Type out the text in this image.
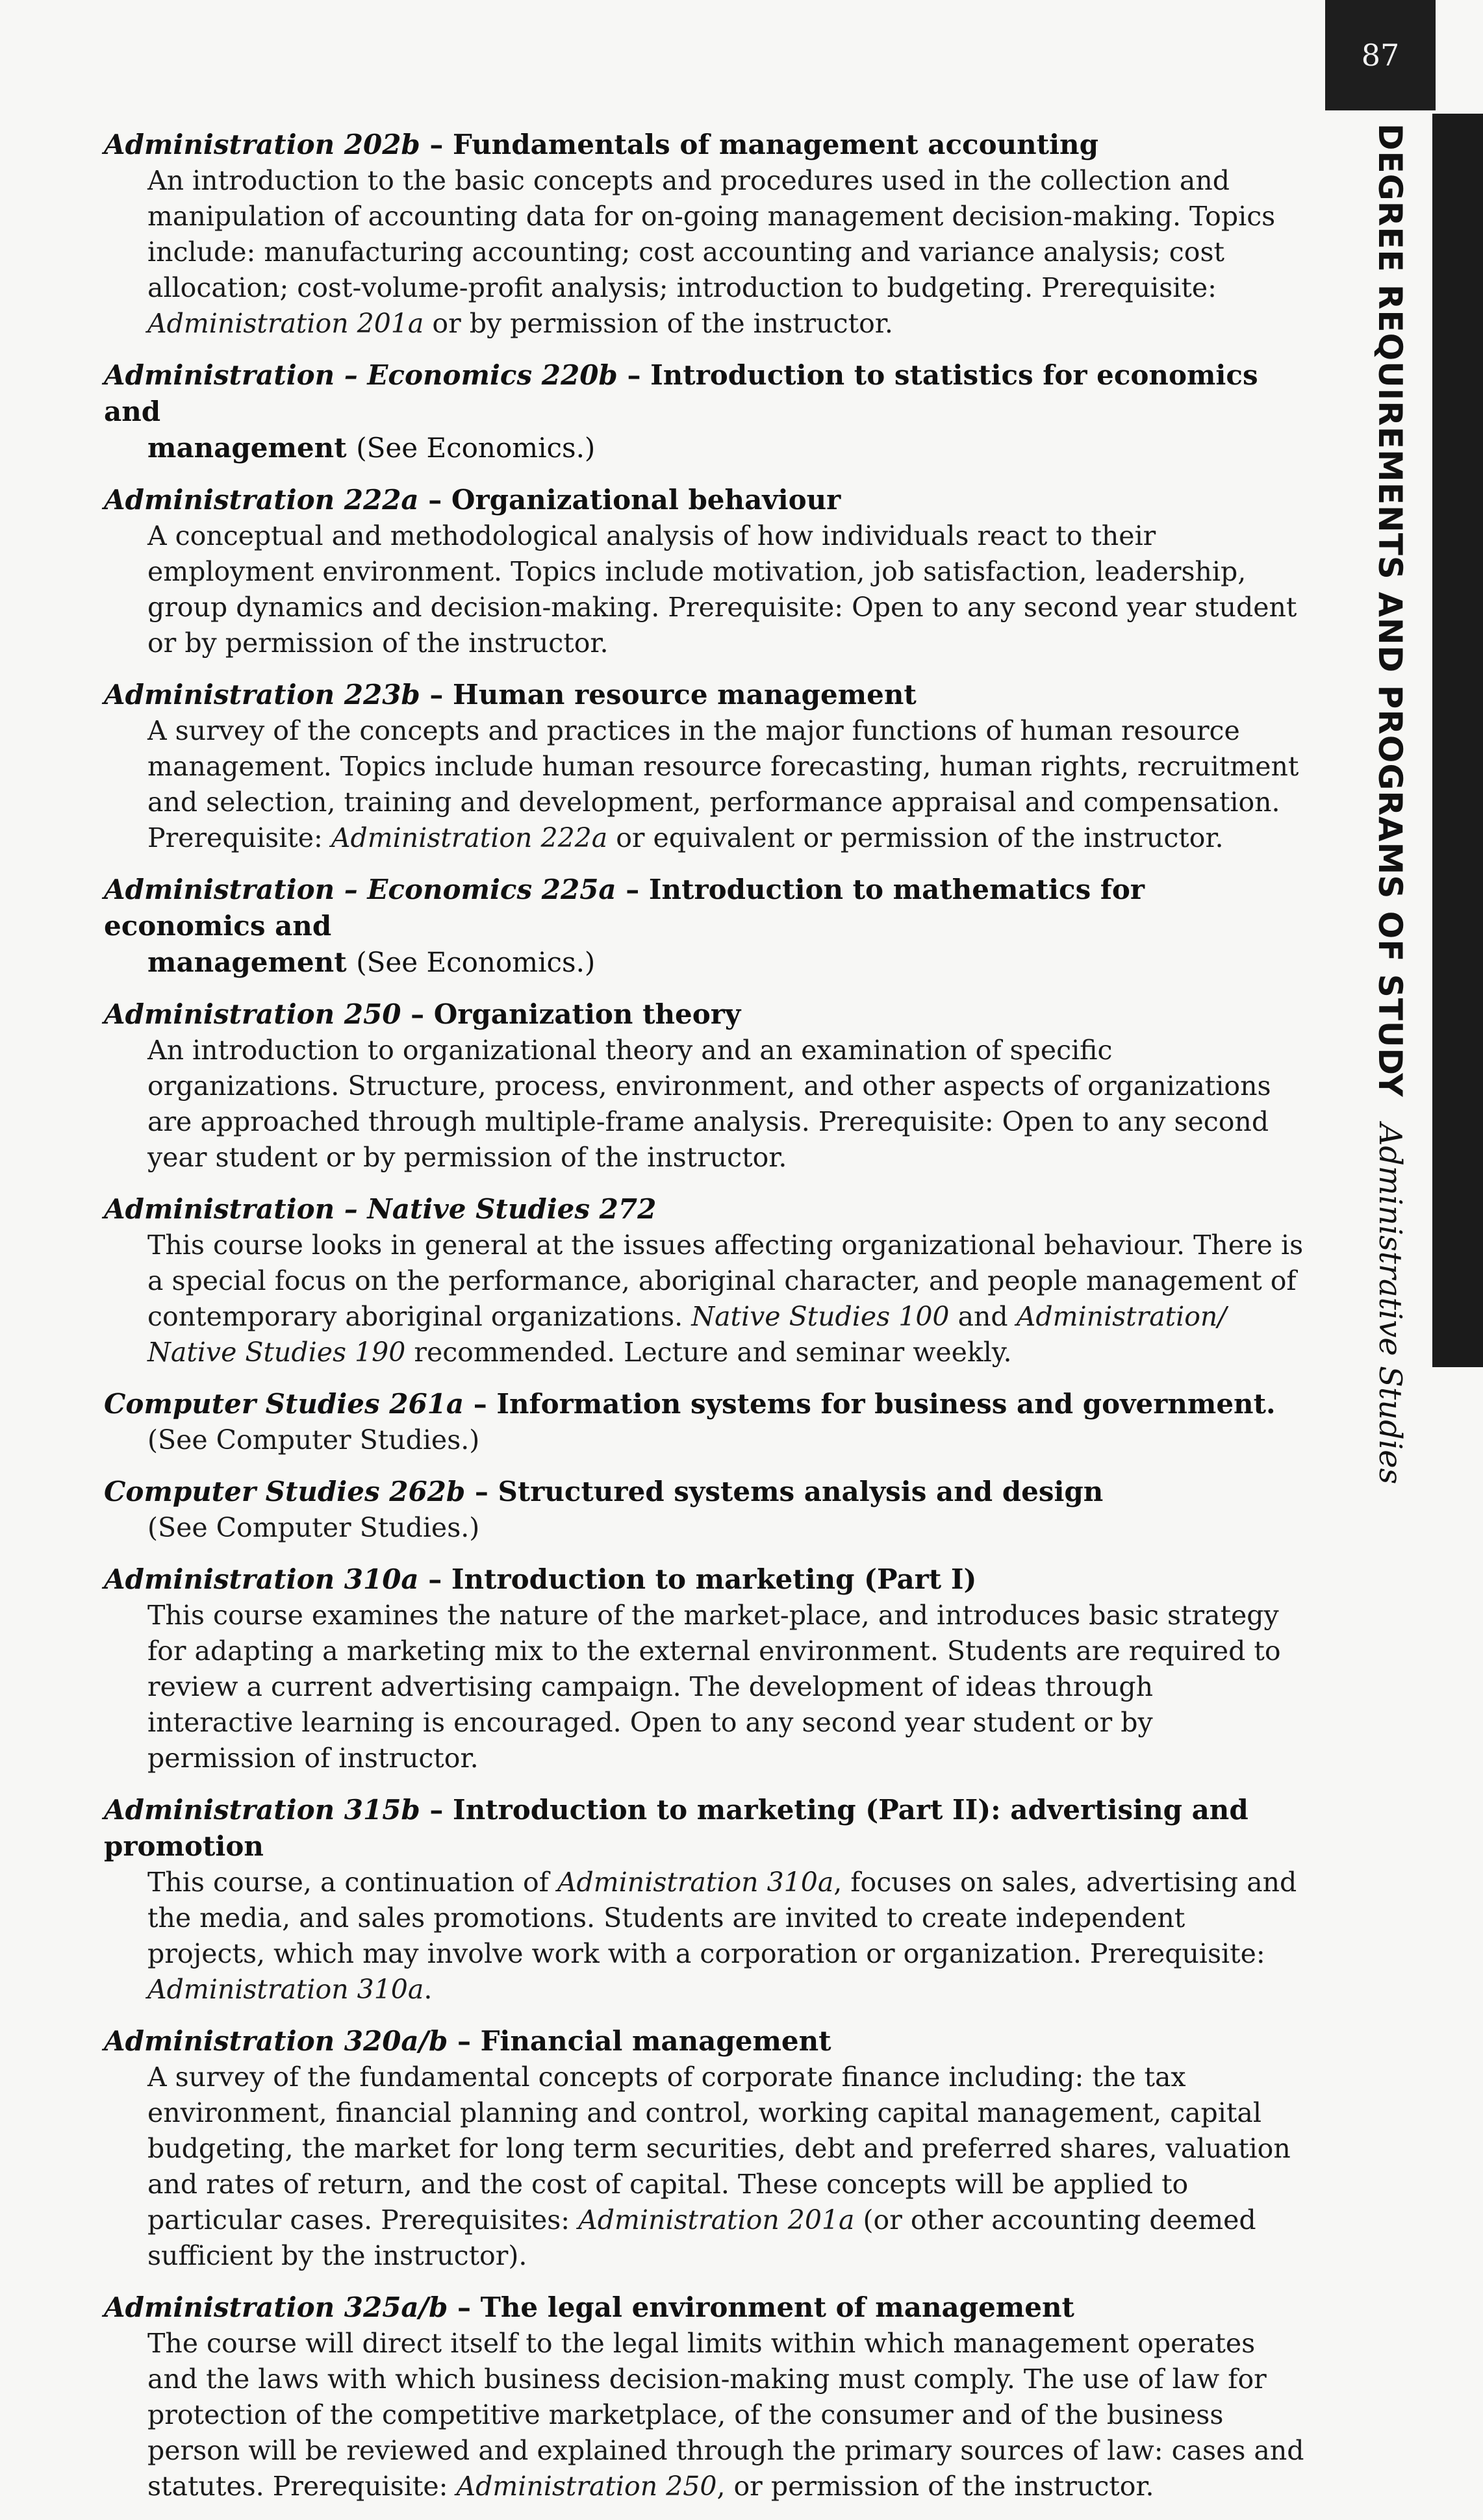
87
DEGREE REQUIREMENTS AND PROGRAMS OF STUDY
Administrative Studies
Administration 202b – Fundamentals of management accounting
An introduction to the basic concepts and procedures used in the collection and manipulation of accounting data for on-going management decision-making. Topics include: manufacturing accounting; cost accounting and variance analysis; cost allocation; cost-volume-profit analysis; introduction to budgeting. Prerequisite: Administration 201a or by permission of the instructor.
Administration – Economics 220b – Introduction to statistics for economics and
management (See Economics.)
Administration 222a – Organizational behaviour
A conceptual and methodological analysis of how individuals react to their employment environment. Topics include motivation, job satisfaction, leadership, group dynamics and decision-making. Prerequisite: Open to any second year student or by permission of the instructor.
Administration 223b – Human resource management
A survey of the concepts and practices in the major functions of human resource management. Topics include human resource forecasting, human rights, recruitment and selection, training and development, performance appraisal and compensation. Prerequisite: Administration 222a or equivalent or permission of the instructor.
Administration – Economics 225a – Introduction to mathematics for economics and
management (See Economics.)
Administration 250 – Organization theory
An introduction to organizational theory and an examination of specific organizations. Structure, process, environment, and other aspects of organizations are approached through multiple-frame analysis. Prerequisite: Open to any second year student or by permission of the instructor.
Administration – Native Studies 272
This course looks in general at the issues affecting organizational behaviour. There is a special focus on the performance, aboriginal character, and people management of contemporary aboriginal organizations. Native Studies 100 and Administration/ Native Studies 190 recommended. Lecture and seminar weekly.
Computer Studies 261a – Information systems for business and government.
(See Computer Studies.)
Computer Studies 262b – Structured systems analysis and design
(See Computer Studies.)
Administration 310a – Introduction to marketing (Part I)
This course examines the nature of the market-place, and introduces basic strategy for adapting a marketing mix to the external environment. Students are required to review a current advertising campaign. The development of ideas through interactive learning is encouraged. Open to any second year student or by permission of instructor.
Administration 315b – Introduction to marketing (Part II): advertising and promotion
This course, a continuation of Administration 310a, focuses on sales, advertising and the media, and sales promotions. Students are invited to create independent projects, which may involve work with a corporation or organization. Prerequisite: Administration 310a.
Administration 320a/b – Financial management
A survey of the fundamental concepts of corporate finance including: the tax environment, financial planning and control, working capital management, capital budgeting, the market for long term securities, debt and preferred shares, valuation and rates of return, and the cost of capital. These concepts will be applied to particular cases. Prerequisites: Administration 201a (or other accounting deemed sufficient by the instructor).
Administration 325a/b – The legal environment of management
The course will direct itself to the legal limits within which management operates and the laws with which business decision-making must comply. The use of law for protection of the competitive marketplace, of the consumer and of the business person will be reviewed and explained through the primary sources of law: cases and statutes. Prerequisite: Administration 250, or permission of the instructor.
